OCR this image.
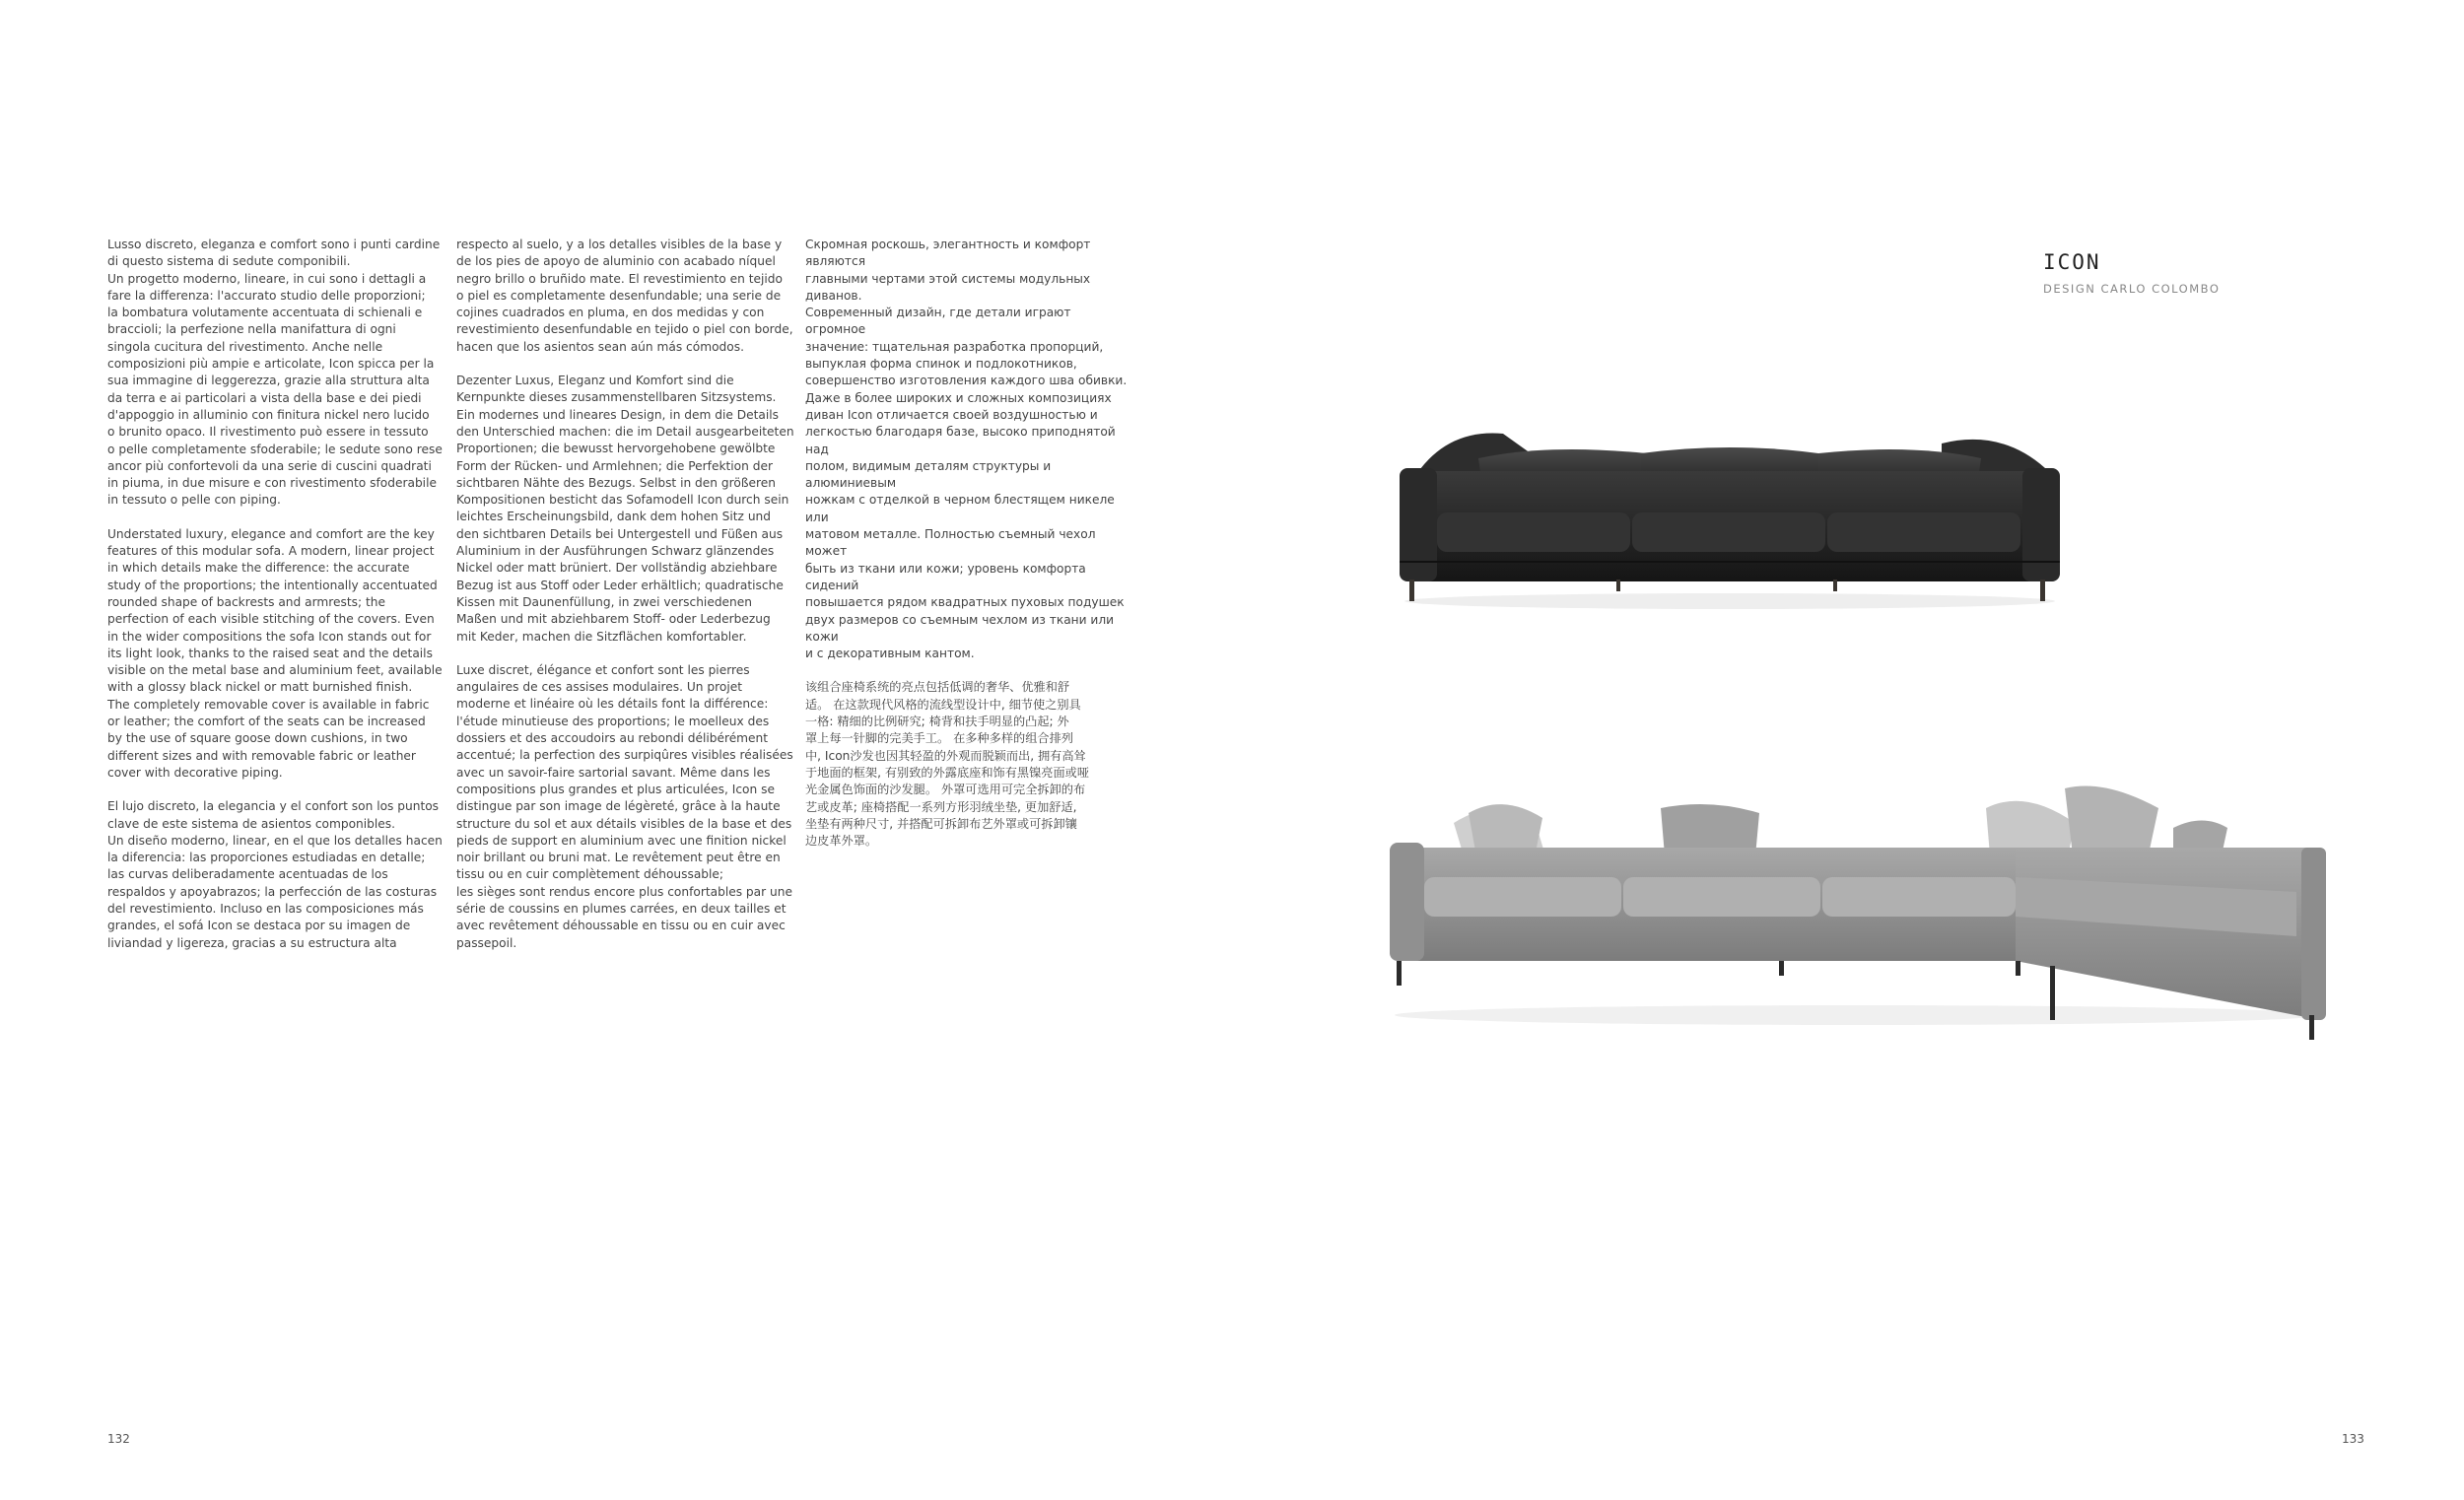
Lusso discreto, eleganza e comfort sono i punti cardine
di questo sistema di sedute componibili.
Un progetto moderno, lineare, in cui sono i dettagli a
fare la differenza: l'accurato studio delle proporzioni;
la bombatura volutamente accentuata di schienali e
braccioli; la perfezione nella manifattura di ogni
singola cucitura del rivestimento. Anche nelle
composizioni più ampie e articolate, Icon spicca per la
sua immagine di leggerezza, grazie alla struttura alta
da terra e ai particolari a vista della base e dei piedi
d'appoggio in alluminio con finitura nickel nero lucido
o brunito opaco. Il rivestimento può essere in tessuto
o pelle completamente sfoderabile; le sedute sono rese
ancor più confortevoli da una serie di cuscini quadrati
in piuma, in due misure e con rivestimento sfoderabile
in tessuto o pelle con piping.

Understated luxury, elegance and comfort are the key
features of this modular sofa. A modern, linear project
in which details make the difference: the accurate
study of the proportions; the intentionally accentuated
rounded shape of backrests and armrests; the
perfection of each visible stitching of the covers. Even
in the wider compositions the sofa Icon stands out for
its light look, thanks to the raised seat and the details
visible on the metal base and aluminium feet, available
with a glossy black nickel or matt burnished finish.
The completely removable cover is available in fabric
or leather; the comfort of the seats can be increased
by the use of square goose down cushions, in two
different sizes and with removable fabric or leather
cover with decorative piping.

El lujo discreto, la elegancia y el confort son los puntos
clave de este sistema de asientos componibles.
Un diseño moderno, linear, en el que los detalles hacen
la diferencia: las proporciones estudiadas en detalle;
las curvas deliberadamente acentuadas de los
respaldos y apoyabrazos; la perfección de las costuras
del revestimiento. Incluso en las composiciones más
grandes, el sofá Icon se destaca por su imagen de
liviandad y ligereza, gracias a su estructura alta

respecto al suelo, y a los detalles visibles de la base y
de los pies de apoyo de aluminio con acabado níquel
negro brillo o bruñido mate. El revestimiento en tejido
o piel es completamente desenfundable; una serie de
cojines cuadrados en pluma, en dos medidas y con
revestimiento desenfundable en tejido o piel con borde,
hacen que los asientos sean aún más cómodos.

Dezenter Luxus, Eleganz und Komfort sind die
Kernpunkte dieses zusammenstellbaren Sitzsystems.
Ein modernes und lineares Design, in dem die Details
den Unterschied machen: die im Detail ausgearbeiteten
Proportionen; die bewusst hervorgehobene gewölbte
Form der Rücken- und Armlehnen; die Perfektion der
sichtbaren Nähte des Bezugs. Selbst in den größeren
Kompositionen besticht das Sofamodell Icon durch sein
leichtes Erscheinungsbild, dank dem hohen Sitz und
den sichtbaren Details bei Untergestell und Füßen aus
Aluminium in der Ausführungen Schwarz glänzendes
Nickel oder matt brüniert. Der vollständig abziehbare
Bezug ist aus Stoff oder Leder erhältlich; quadratische
Kissen mit Daunenfüllung, in zwei verschiedenen
Maßen und mit abziehbarem Stoff- oder Lederbezug
mit Keder, machen die Sitzflächen komfortabler.

Luxe discret, élégance et confort sont les pierres
angulaires de ces assises modulaires. Un projet
moderne et linéaire où les détails font la différence:
l'étude minutieuse des proportions; le moelleux des
dossiers et des accoudoirs au rebondi délibérément
accentué; la perfection des surpiqûres visibles réalisées
avec un savoir-faire sartorial savant. Même dans les
compositions plus grandes et plus articulées, Icon se
distingue par son image de légèreté, grâce à la haute
structure du sol et aux détails visibles de la base et des
pieds de support en aluminium avec une finition nickel
noir brillant ou bruni mat. Le revêtement peut être en
tissu ou en cuir complètement déhoussable;
les sièges sont rendus encore plus confortables par une
série de coussins en plumes carrées, en deux tailles et
avec revêtement déhoussable en tissu ou en cuir avec
passepoil.

Скромная роскошь, элегантность и комфорт являются
главными чертами этой системы модульных диванов.
Современный дизайн, где детали играют огромное
значение: тщательная разработка пропорций,
выпуклая форма спинок и подлокотников,
совершенство изготовления каждого шва обивки.
Даже в более широких и сложных композициях
диван Icon отличается своей воздушностью и
легкостью благодаря базе, высоко приподнятой над
полом, видимым деталям структуры и алюминиевым
ножкам с отделкой в черном блестящем никеле или
матовом металле. Полностью съемный чехол может
быть из ткани или кожи; уровень комфорта сидений
повышается рядом квадратных пуховых подушек
двух размеров со съемным чехлом из ткани или кожи
и с декоративным кантом.

该组合座椅系统的亮点包括低调的奢华、优雅和舒
适。 在这款现代风格的流线型设计中, 细节使之别具
一格: 精细的比例研究; 椅背和扶手明显的凸起; 外
罩上每一针脚的完美手工。 在多种多样的组合排列
中, Icon沙发也因其轻盈的外观而脱颖而出, 拥有高耸
于地面的框架, 有别致的外露底座和饰有黑镍亮面或哑
光金属色饰面的沙发腿。 外罩可选用可完全拆卸的布
艺或皮革; 座椅搭配一系列方形羽绒坐垫, 更加舒适,
坐垫有两种尺寸, 并搭配可拆卸布艺外罩或可拆卸镶
边皮革外罩。

132	133
ICON
DESIGN CARLO COLOMBO
